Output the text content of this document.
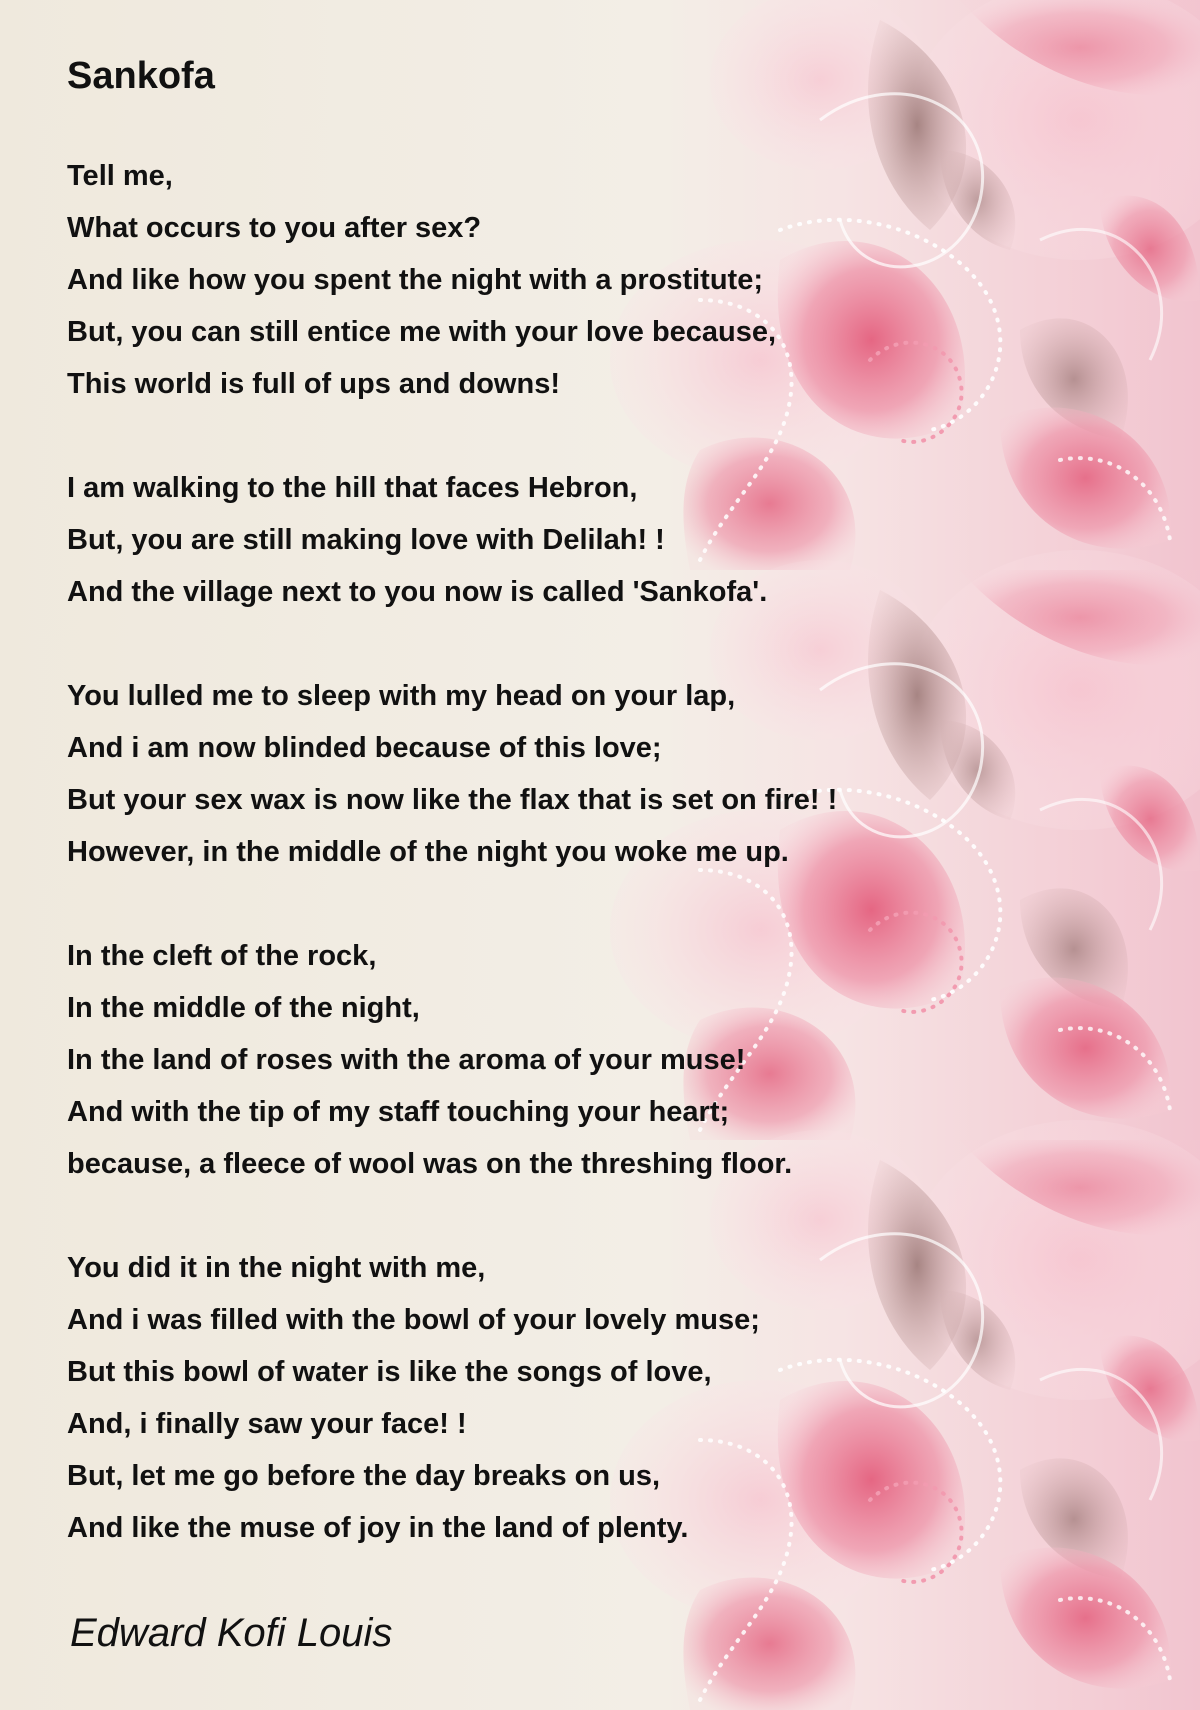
Sankofa
Tell me,
What occurs to you after sex?
And like how you spent the night with a prostitute;
But, you can still entice me with your love because,
This world is full of ups and downs!
I am walking to the hill that faces Hebron,
But, you are still making love with Delilah! !
And the village next to you now is called 'Sankofa'.
You lulled me to sleep with my head on your lap,
And i am now blinded because of this love;
But your sex wax is now like the flax that is set on fire! !
However, in the middle of the night you woke me up.
In the cleft of the rock,
In the middle of the night,
In the land of roses with the aroma of your muse!
And with the tip of my staff touching your heart;
because, a fleece of wool was on the threshing floor.
You did it in the night with me,
And i was filled with the bowl of your lovely muse;
But this bowl of water is like the songs of love,
And, i finally saw your face! !
But, let me go before the day breaks on us,
And like the muse of joy in the land of plenty.
Edward Kofi Louis
